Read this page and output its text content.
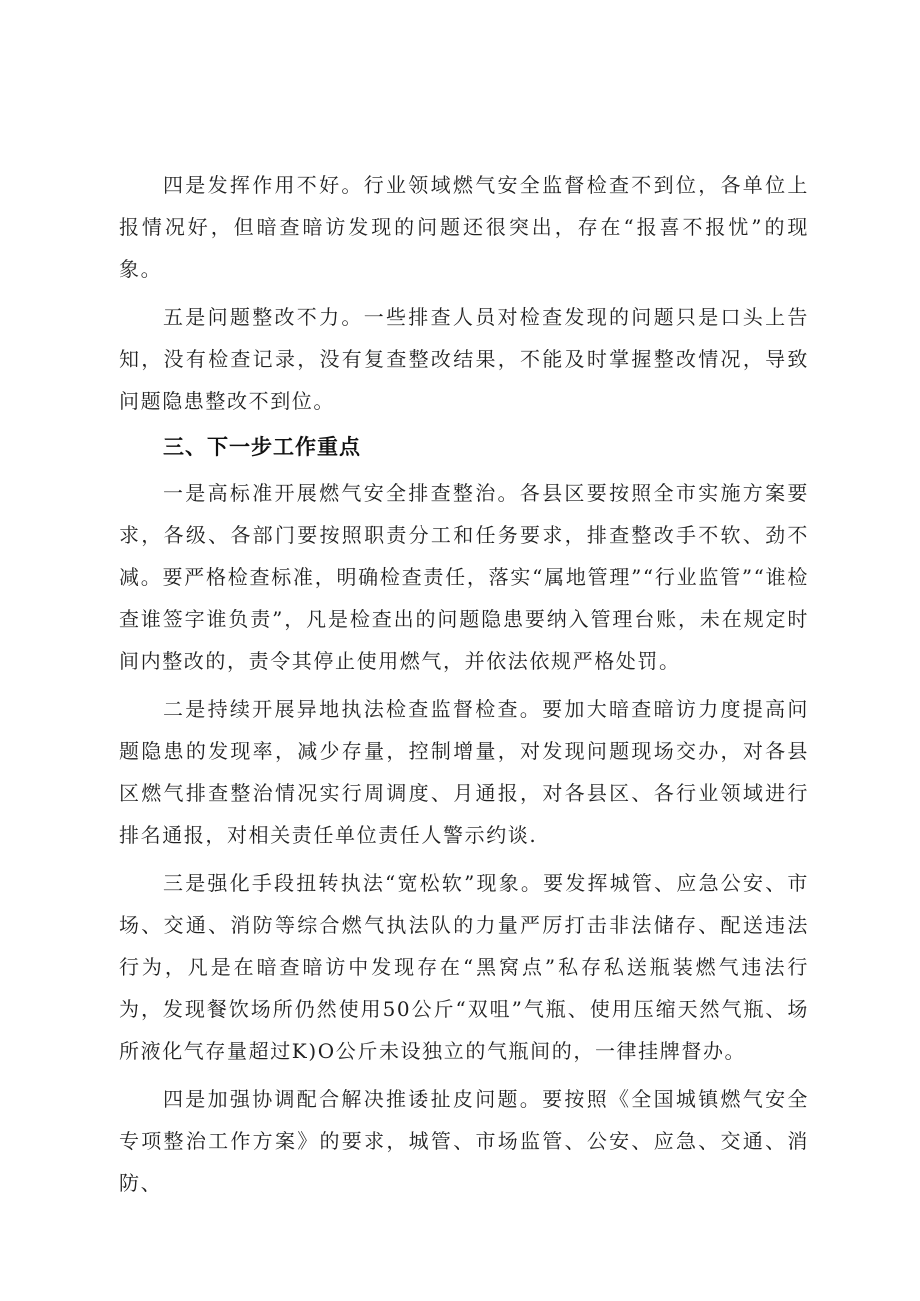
四是发挥作用不好。行业领域燃气安全监督检查不到位，各单位上报情况好，但暗查暗访发现的问题还很突出，存在“报喜不报忧”的现象。

五是问题整改不力。一些排查人员对检查发现的问题只是口头上告知，没有检查记录，没有复查整改结果，不能及时掌握整改情况，导致问题隐患整改不到位。

三、下一步工作重点

一是高标准开展燃气安全排查整治。各县区要按照全市实施方案要求，各级、各部门要按照职责分工和任务要求，排查整改手不软、劲不减。要严格检查标准，明确检查责任，落实“属地管理”“行业监管”“谁检查谁签字谁负责”，凡是检查出的问题隐患要纳入管理台账，未在规定时间内整改的，责令其停止使用燃气，并依法依规严格处罚。

二是持续开展异地执法检查监督检查。要加大暗查暗访力度提高问题隐患的发现率，减少存量，控制增量，对发现问题现场交办，对各县区燃气排查整治情况实行周调度、月通报，对各县区、各行业领域进行排名通报，对相关责任单位责任人警示约谈.

三是强化手段扭转执法“宽松软”现象。要发挥城管、应急公安、市场、交通、消防等综合燃气执法队的力量严厉打击非法储存、配送违法行为，凡是在暗查暗访中发现存在“黑窝点”私存私送瓶装燃气违法行为，发现餐饮场所仍然使用50公斤“双咀”气瓶、使用压缩天然气瓶、场所液化气存量超过K)O公斤未设独立的气瓶间的，一律挂牌督办。

四是加强协调配合解决推诿扯皮问题。要按照《全国城镇燃气安全专项整治工作方案》的要求，城管、市场监管、公安、应急、交通、消防、
